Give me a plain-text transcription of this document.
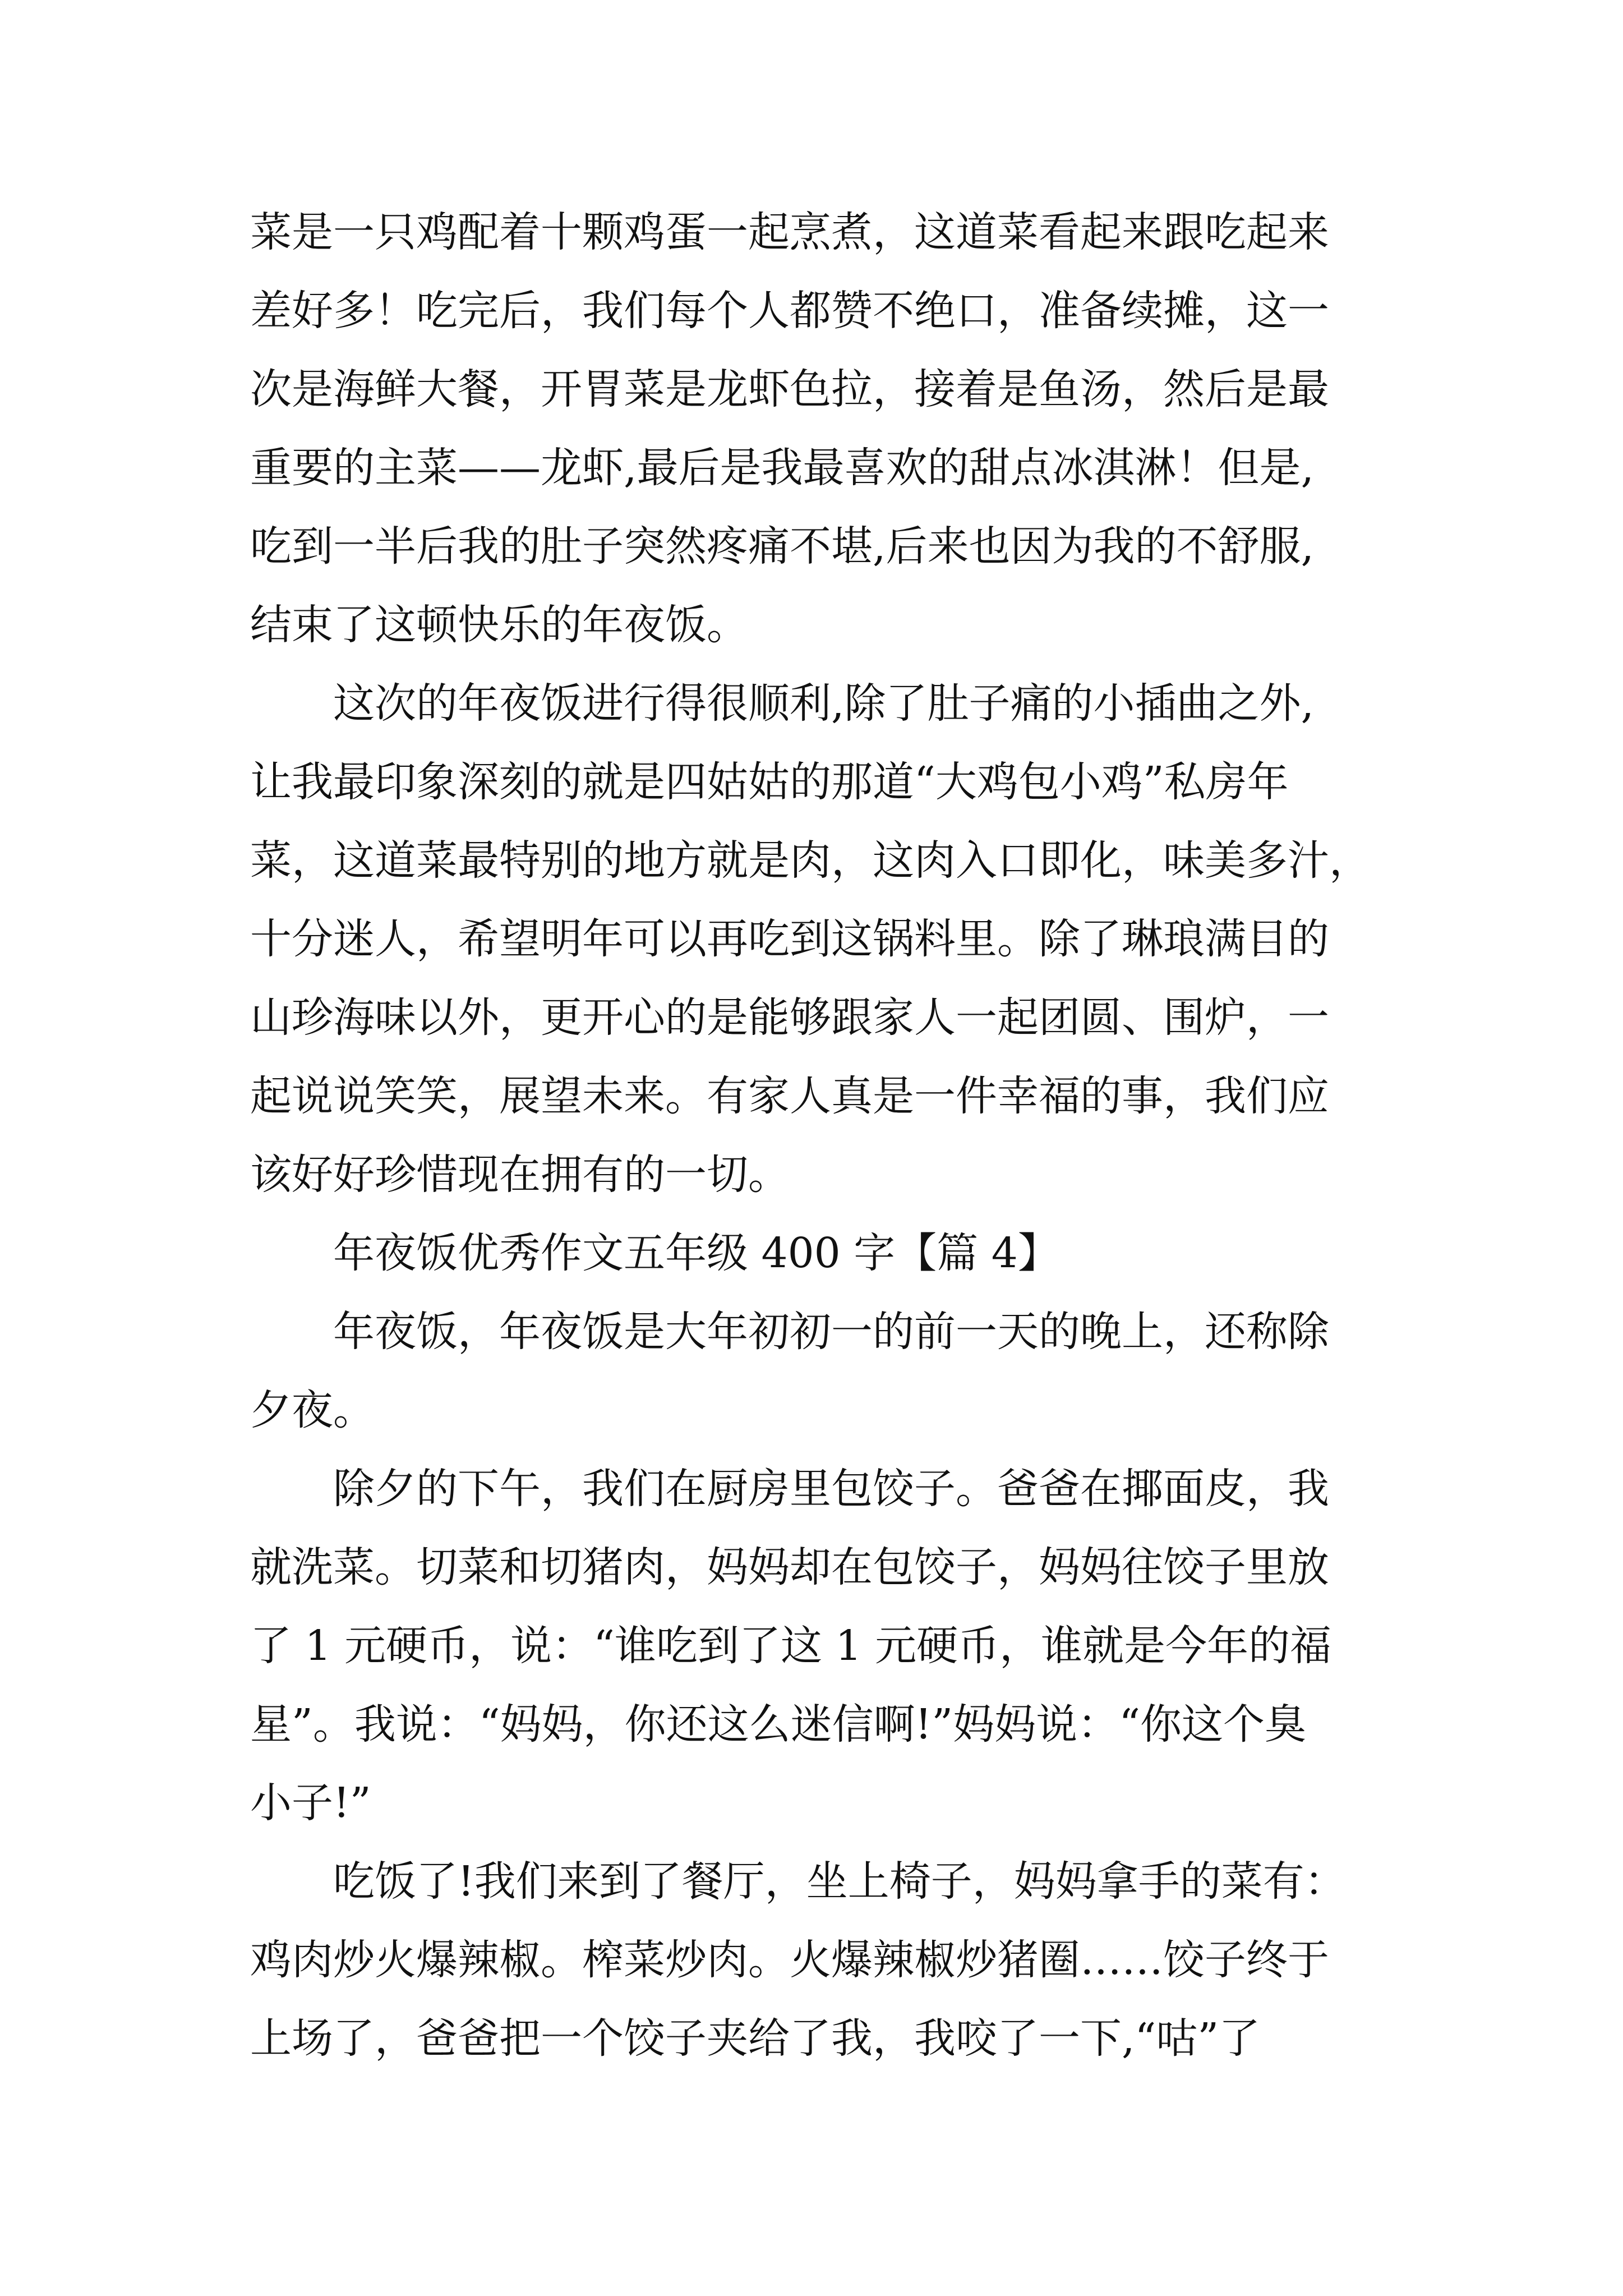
菜是一只鸡配着十颗鸡蛋一起烹煮，这道菜看起来跟吃起来
差好多！吃完后，我们每个人都赞不绝口，准备续摊，这一
次是海鲜大餐，开胃菜是龙虾色拉，接着是鱼汤，然后是最
重要的主菜——龙虾,最后是我最喜欢的甜点冰淇淋！但是,
吃到一半后我的肚子突然疼痛不堪,后来也因为我的不舒服,
结束了这顿快乐的年夜饭。

这次的年夜饭进行得很顺利,除了肚子痛的小插曲之外,
让我最印象深刻的就是四姑姑的那道“大鸡包小鸡”私房年
菜，这道菜最特别的地方就是肉，这肉入口即化，味美多汁，
十分迷人，希望明年可以再吃到这锅料里。除了琳琅满目的
山珍海味以外，更开心的是能够跟家人一起团圆、围炉，一
起说说笑笑，展望未来。有家人真是一件幸福的事，我们应
该好好珍惜现在拥有的一切。

年夜饭优秀作文五年级 400 字【篇 4】

年夜饭，年夜饭是大年初初一的前一天的晚上，还称除
夕夜。

除夕的下午，我们在厨房里包饺子。爸爸在揶面皮，我
就洗菜。切菜和切猪肉，妈妈却在包饺子，妈妈往饺子里放
了 1 元硬币，说：“谁吃到了这 1 元硬币，谁就是今年的福
星”。我说：“妈妈，你还这么迷信啊!”妈妈说：“你这个臭
小子!”

吃饭了!我们来到了餐厅，坐上椅子，妈妈拿手的菜有：
鸡肉炒火爆辣椒。榨菜炒肉。火爆辣椒炒猪圈……饺子终于
上场了，爸爸把一个饺子夹给了我，我咬了一下,“咕”了
